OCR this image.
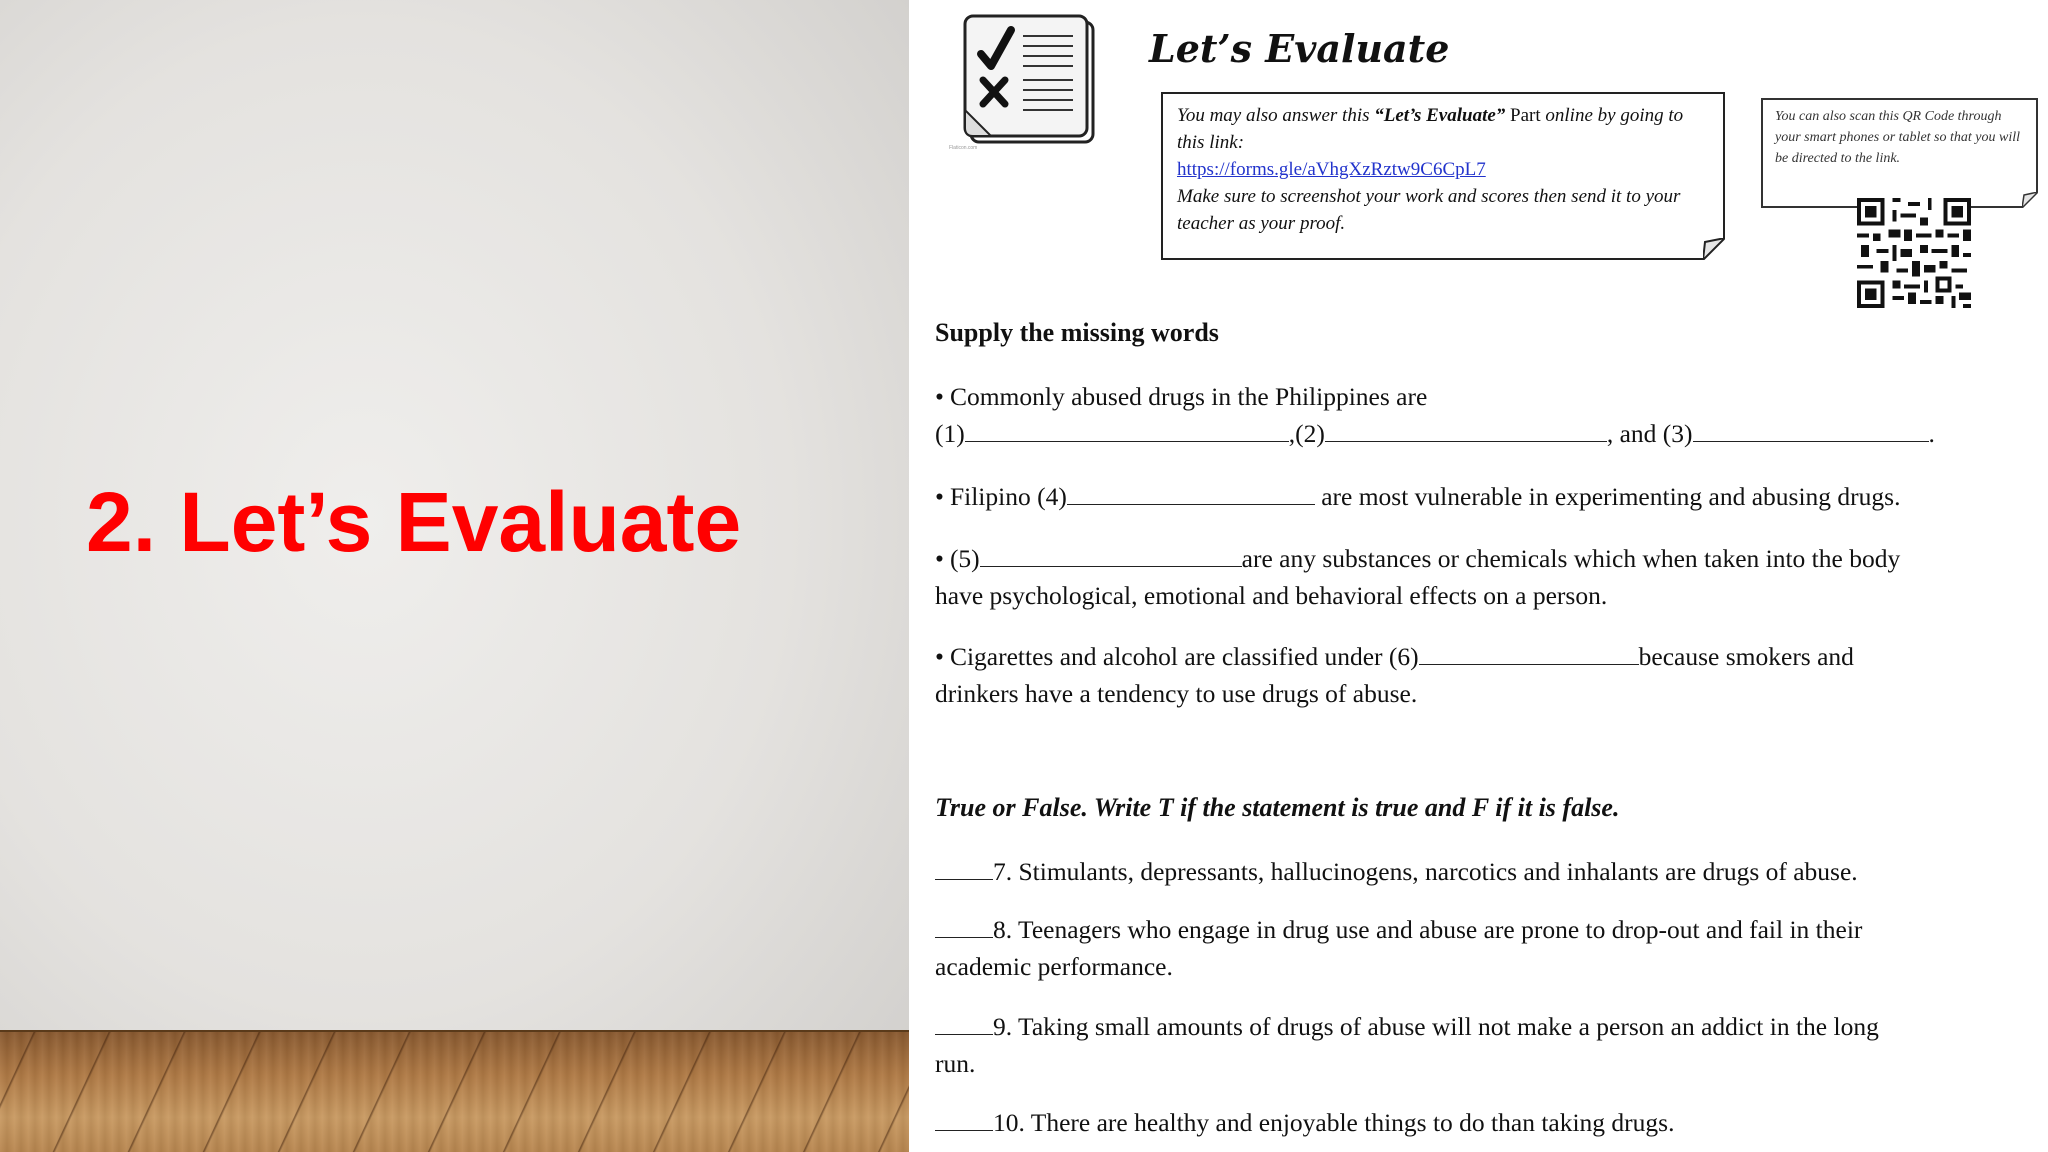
2. Let’s Evaluate
Flaticon.com
Let’s Evaluate
You may also answer this “Let’s Evaluate” Part online by going to this link:
https://forms.gle/aVhgXzRztw9C6CpL7
Make sure to screenshot your work and scores then send it to your teacher as your proof.
You can also scan this QR Code through your smart phones or tablet so that you will be directed to the link.
Supply the missing words

• Commonly abused drugs in the Philippines are
(1)	,(2)	, and (3)	.

• Filipino (4)	are most vulnerable in experimenting and abusing drugs.

• (5)	are any substances or chemicals which when taken into the body
have psychological, emotional and behavioral effects on a person.

• Cigarettes and alcohol are classified under (6)	because smokers and
drinkers have a tendency to use drugs of abuse.

True or False. Write T if the statement is true and F if it is false.

7. Stimulants, depressants, hallucinogens, narcotics and inhalants are drugs of abuse.

8. Teenagers who engage in drug use and abuse are prone to drop-out and fail in their
academic performance.

9. Taking small amounts of drugs of abuse will not make a person an addict in the long
run.

10. There are healthy and enjoyable things to do than taking drugs.
